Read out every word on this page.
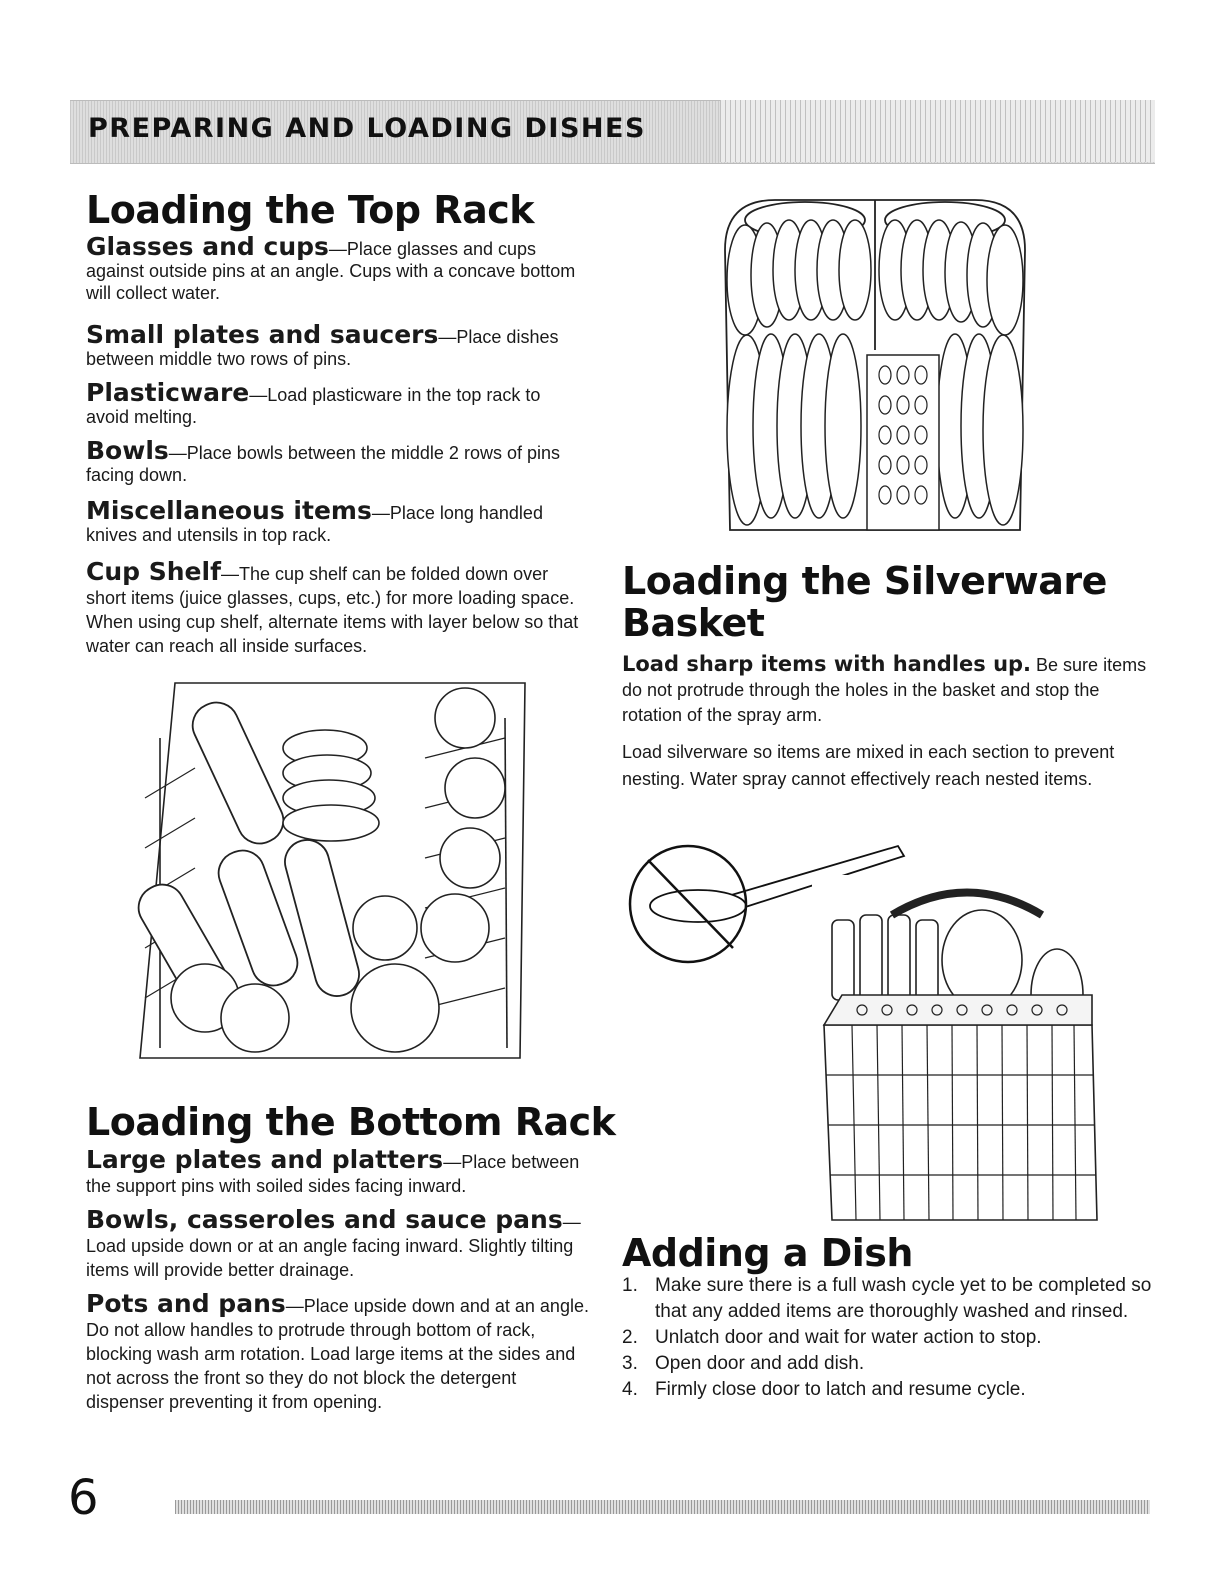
PREPARING AND LOADING DISHES
Loading the Top Rack
Glasses and cups—Place glasses and cups against outside pins at an angle. Cups with a concave bottom will collect water.
Small plates and saucers—Place dishes between middle two rows of pins.
Plasticware—Load plasticware in the top rack to avoid melting.
Bowls—Place bowls between the middle 2 rows of pins facing down.
Miscellaneous items—Place long handled knives and utensils in top rack.
Cup Shelf—The cup shelf can be folded down over short items (juice glasses, cups, etc.) for more loading space. When using cup shelf, alternate items with layer below so that water can reach all inside surfaces.
Loading the Bottom Rack
Large plates and platters—Place between the support pins with soiled sides facing inward.
Bowls, casseroles and sauce pans— Load upside down or at an angle facing inward. Slightly tilting items will provide better drainage.
Pots and pans—Place upside down and at an angle. Do not allow handles to protrude through bottom of rack, blocking wash arm rotation. Load large items at the sides and not across the front so they do not block the detergent dispenser preventing it from opening.
Loading the Silverware
Basket
Load sharp items with handles up. Be sure items do not protrude through the holes in the basket and stop the rotation of the spray arm.
Load silverware so items are mixed in each section to prevent nesting. Water spray cannot effectively reach nested items.
Adding a Dish
1. Make sure there is a full wash cycle yet to be completed so that any added items are thoroughly washed and rinsed.
2. Unlatch door and wait for water action to stop.
3. Open door and add dish.
4. Firmly close door to latch and resume cycle.
6
